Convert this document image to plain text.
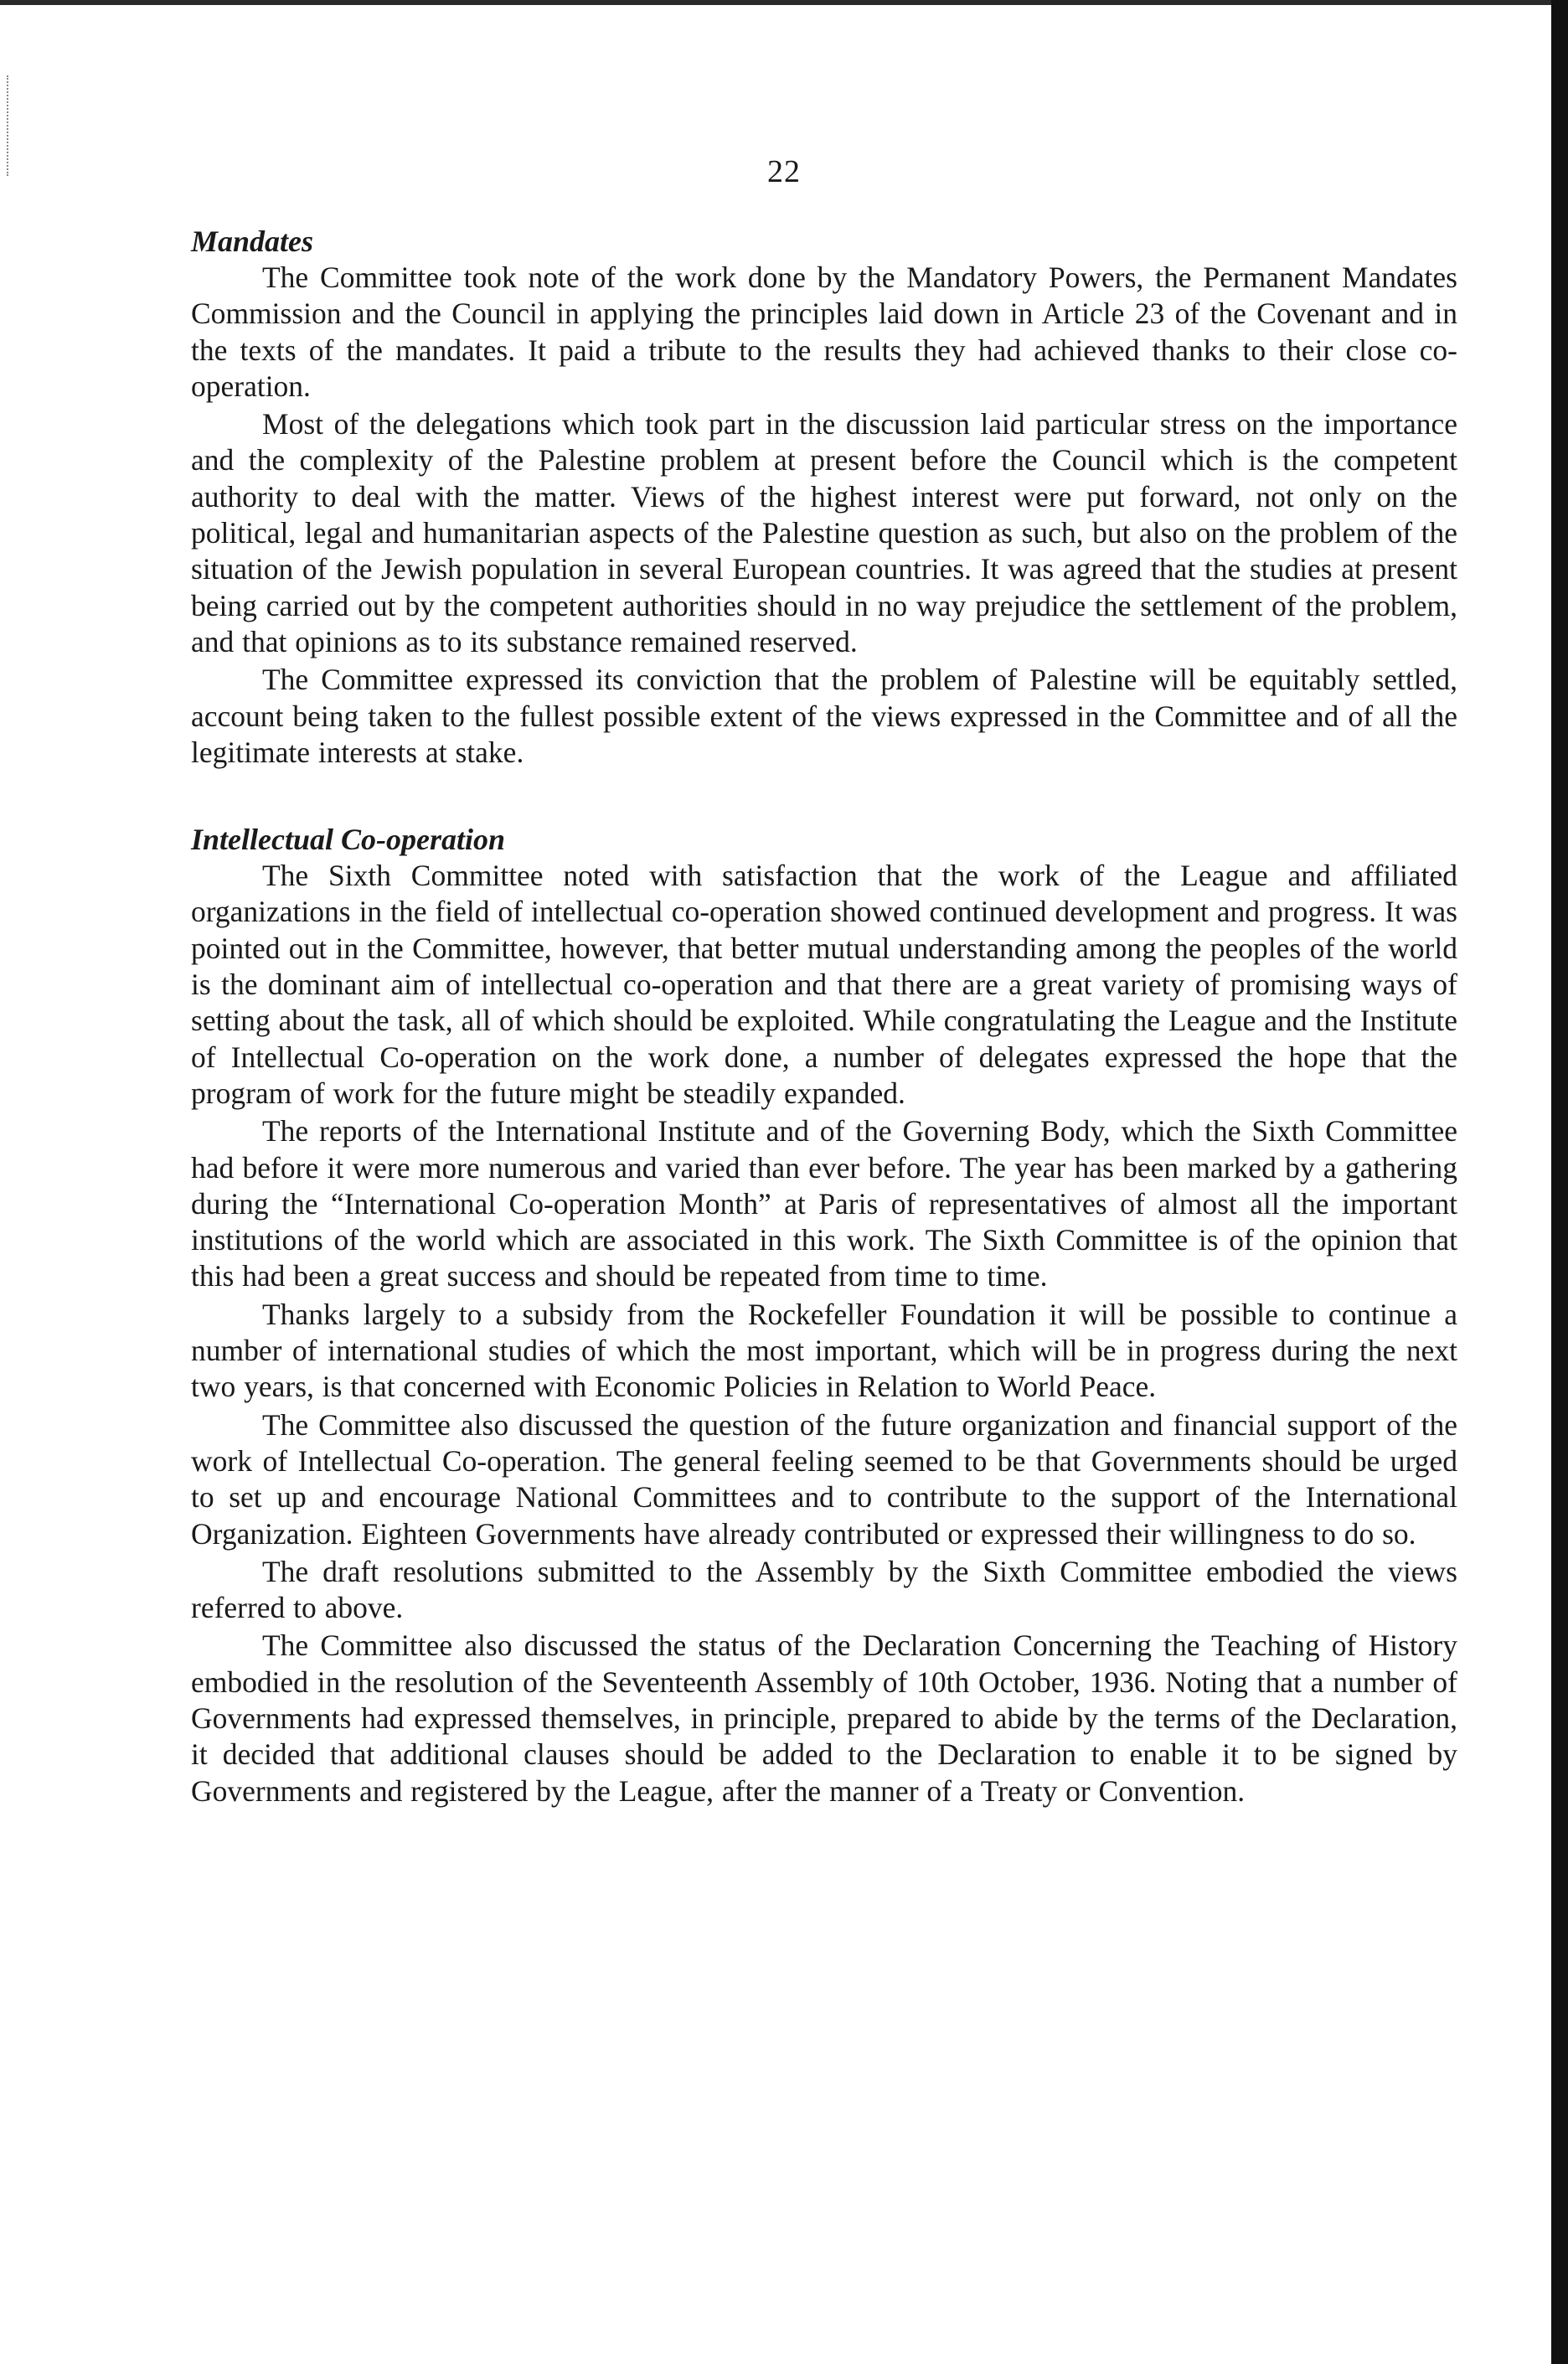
22
Mandates

The Committee took note of the work done by the Mandatory Powers, the Permanent Mandates Commission and the Council in applying the principles laid down in Article 23 of the Covenant and in the texts of the mandates. It paid a tribute to the results they had achieved thanks to their close co-operation.

Most of the delegations which took part in the discussion laid particular stress on the importance and the complexity of the Palestine problem at present before the Council which is the competent authority to deal with the matter. Views of the highest interest were put forward, not only on the political, legal and humanitarian aspects of the Palestine question as such, but also on the problem of the situation of the Jewish population in several European countries. It was agreed that the studies at present being carried out by the competent authorities should in no way prejudice the settlement of the problem, and that opinions as to its substance remained reserved.

The Committee expressed its conviction that the problem of Palestine will be equitably settled, account being taken to the fullest possible extent of the views expressed in the Committee and of all the legitimate interests at stake.

Intellectual Co-operation

The Sixth Committee noted with satisfaction that the work of the League and affiliated organizations in the field of intellectual co-operation showed continued development and progress. It was pointed out in the Committee, however, that better mutual understanding among the peoples of the world is the dominant aim of intellectual co-operation and that there are a great variety of promising ways of setting about the task, all of which should be exploited. While congratulating the League and the Institute of Intellectual Co-operation on the work done, a number of delegates expressed the hope that the program of work for the future might be steadily expanded.

The reports of the International Institute and of the Governing Body, which the Sixth Committee had before it were more numerous and varied than ever before. The year has been marked by a gathering during the “International Co-operation Month” at Paris of representatives of almost all the important institutions of the world which are associated in this work. The Sixth Committee is of the opinion that this had been a great success and should be repeated from time to time.

Thanks largely to a subsidy from the Rockefeller Foundation it will be possible to continue a number of international studies of which the most important, which will be in progress during the next two years, is that concerned with Economic Policies in Relation to World Peace.

The Committee also discussed the question of the future organization and financial support of the work of Intellectual Co-operation. The general feeling seemed to be that Governments should be urged to set up and encourage National Committees and to contribute to the support of the International Organization. Eighteen Governments have already contributed or expressed their willingness to do so.

The draft resolutions submitted to the Assembly by the Sixth Committee embodied the views referred to above.

The Committee also discussed the status of the Declaration Concerning the Teaching of History embodied in the resolution of the Seventeenth Assembly of 10th October, 1936. Noting that a number of Governments had expressed themselves, in principle, prepared to abide by the terms of the Declaration, it decided that additional clauses should be added to the Declaration to enable it to be signed by Governments and registered by the League, after the manner of a Treaty or Convention.
